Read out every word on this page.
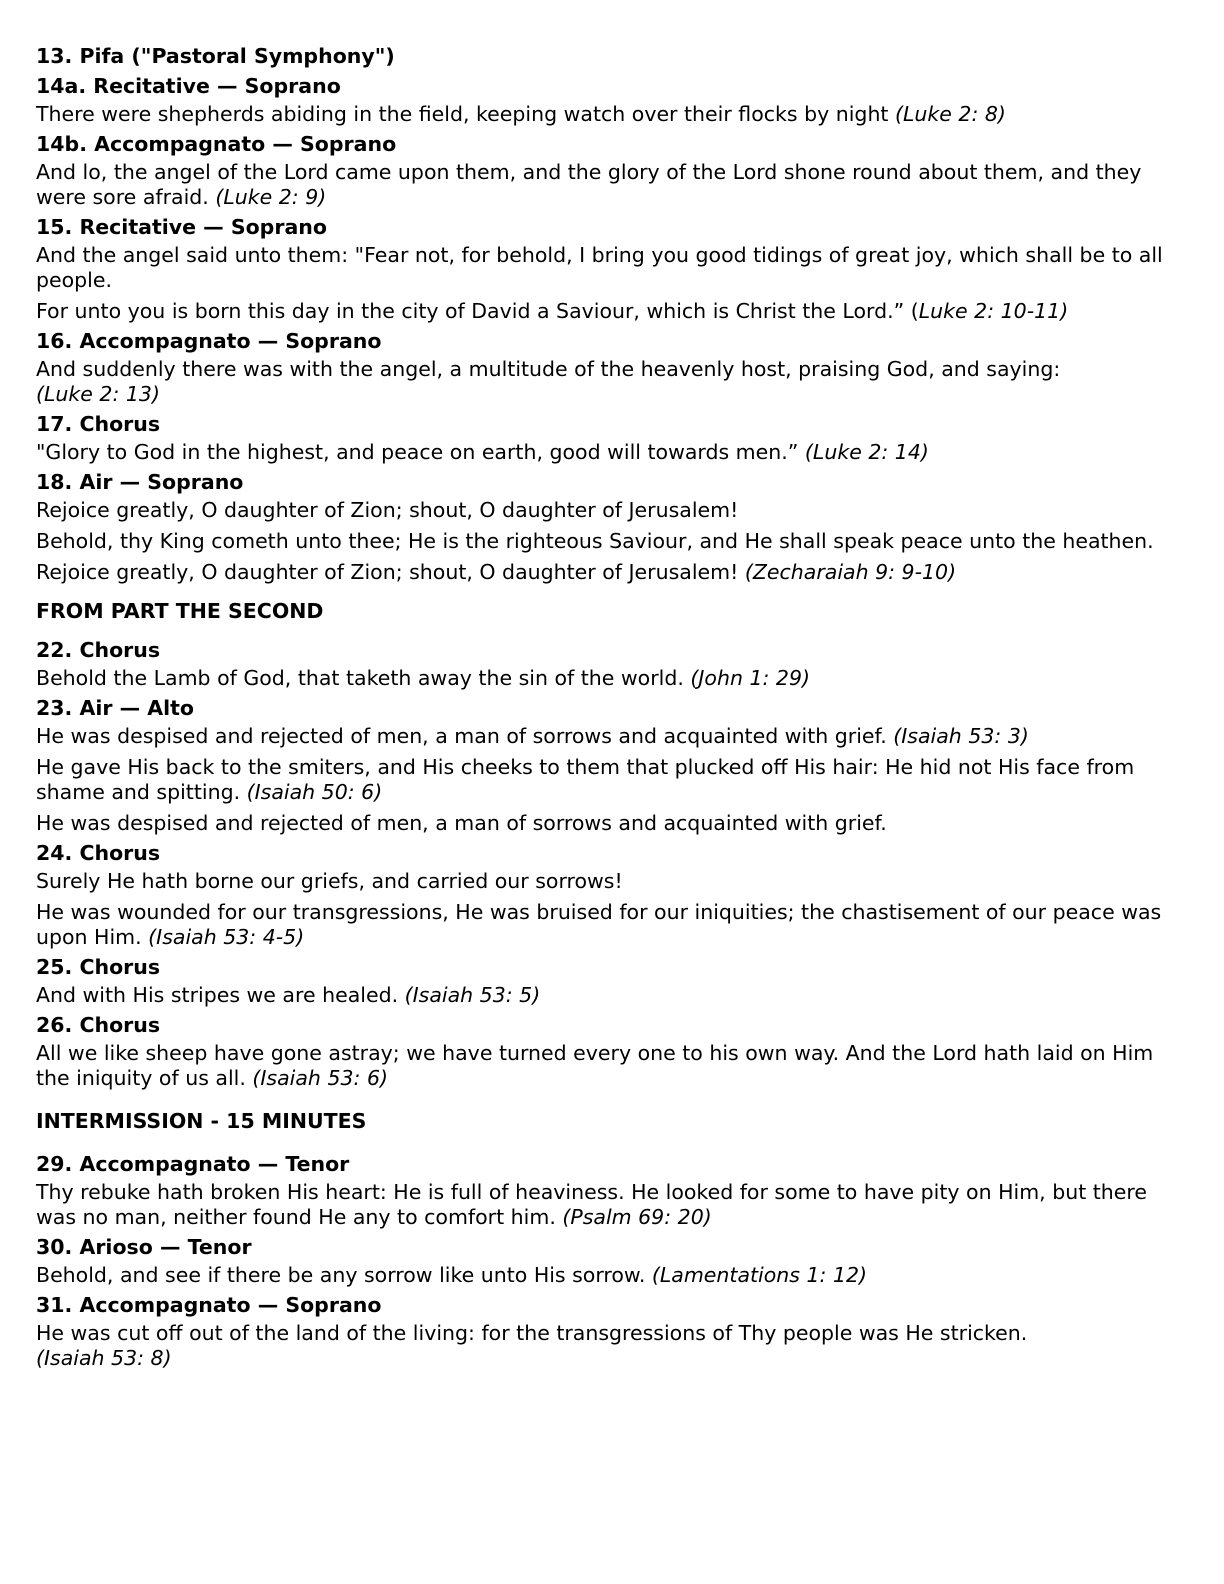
13. Pifa ("Pastoral Symphony")
14a. Recitative — Soprano
There were shepherds abiding in the field, keeping watch over their flocks by night (Luke 2: 8)
14b. Accompagnato — Soprano
And lo, the angel of the Lord came upon them, and the glory of the Lord shone round about them, and they were sore afraid. (Luke 2: 9)
15. Recitative — Soprano
And the angel said unto them: "Fear not, for behold, I bring you good tidings of great joy, which shall be to all people.
For unto you is born this day in the city of David a Saviour, which is Christ the Lord.” (Luke 2: 10-11)
16. Accompagnato — Soprano
And suddenly there was with the angel, a multitude of the heavenly host, praising God, and saying:
(Luke 2: 13)
17. Chorus
"Glory to God in the highest, and peace on earth, good will towards men.” (Luke 2: 14)
18. Air — Soprano
Rejoice greatly, O daughter of Zion; shout, O daughter of Jerusalem!
Behold, thy King cometh unto thee; He is the righteous Saviour, and He shall speak peace unto the heathen.
Rejoice greatly, O daughter of Zion; shout, O daughter of Jerusalem! (Zecharaiah 9: 9-10)
FROM PART THE SECOND
22. Chorus
Behold the Lamb of God, that taketh away the sin of the world. (John 1: 29)
23. Air — Alto
He was despised and rejected of men, a man of sorrows and acquainted with grief. (Isaiah 53: 3)
He gave His back to the smiters, and His cheeks to them that plucked off His hair: He hid not His face from shame and spitting. (Isaiah 50: 6)
He was despised and rejected of men, a man of sorrows and acquainted with grief.
24. Chorus
Surely He hath borne our griefs, and carried our sorrows!
He was wounded for our transgressions, He was bruised for our iniquities; the chastisement of our peace was upon Him. (Isaiah 53: 4-5)
25. Chorus
And with His stripes we are healed. (Isaiah 53: 5)
26. Chorus
All we like sheep have gone astray; we have turned every one to his own way. And the Lord hath laid on Him the iniquity of us all. (Isaiah 53: 6)
INTERMISSION - 15 MINUTES
29. Accompagnato — Tenor
Thy rebuke hath broken His heart: He is full of heaviness. He looked for some to have pity on Him, but there was no man, neither found He any to comfort him. (Psalm 69: 20)
30. Arioso — Tenor
Behold, and see if there be any sorrow like unto His sorrow. (Lamentations 1: 12)
31. Accompagnato — Soprano
He was cut off out of the land of the living: for the transgressions of Thy people was He stricken.
(Isaiah 53: 8)
